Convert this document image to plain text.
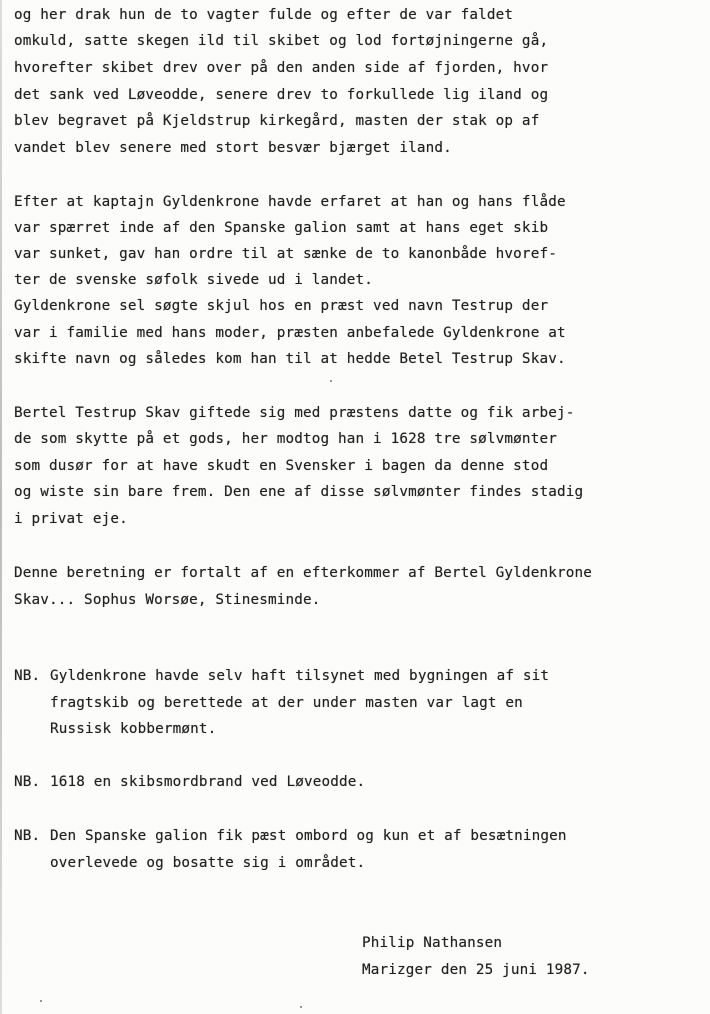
og her drak hun de to vagter fulde og efter de var faldet
omkuld, satte skegen ild til skibet og lod fortøjningerne gå,
hvorefter skibet drev over på den anden side af fjorden, hvor
det sank ved Løveodde, senere drev to forkullede lig iland og
blev begravet på Kjeldstrup kirkegård, masten der stak op af
vandet blev senere med stort besvær bjærget iland.
Efter at kaptajn Gyldenkrone havde erfaret at han og hans flåde
var spærret inde af den Spanske galion samt at hans eget skib
var sunket, gav han ordre til at sænke de to kanonbåde hvoref-
ter de svenske søfolk sivede ud i landet.
Gyldenkrone sel søgte skjul hos en præst ved navn Testrup der
var i familie med hans moder, præsten anbefalede Gyldenkrone at
skifte navn og således kom han til at hedde Betel Testrup Skav.
Bertel Testrup Skav giftede sig med præstens datte og fik arbej-
de som skytte på et gods, her modtog han i 1628 tre sølvmønter
som dusør for at have skudt en Svensker i bagen da denne stod
og wiste sin bare frem. Den ene af disse sølvmønter findes stadig
i privat eje.
Denne beretning er fortalt af en efterkommer af Bertel Gyldenkrone
Skav... Sophus Worsøe, Stinesminde.
NB. Gyldenkrone havde selv haft tilsynet med bygningen af sit
fragtskib og berettede at der under masten var lagt en
Russisk kobbermønt.
NB. 1618 en skibsmordbrand ved Løveodde.
NB. Den Spanske galion fik pæst ombord og kun et af besætningen
overlevede og bosatte sig i området.
Philip Nathansen
Marizger den 25 juni 1987.
